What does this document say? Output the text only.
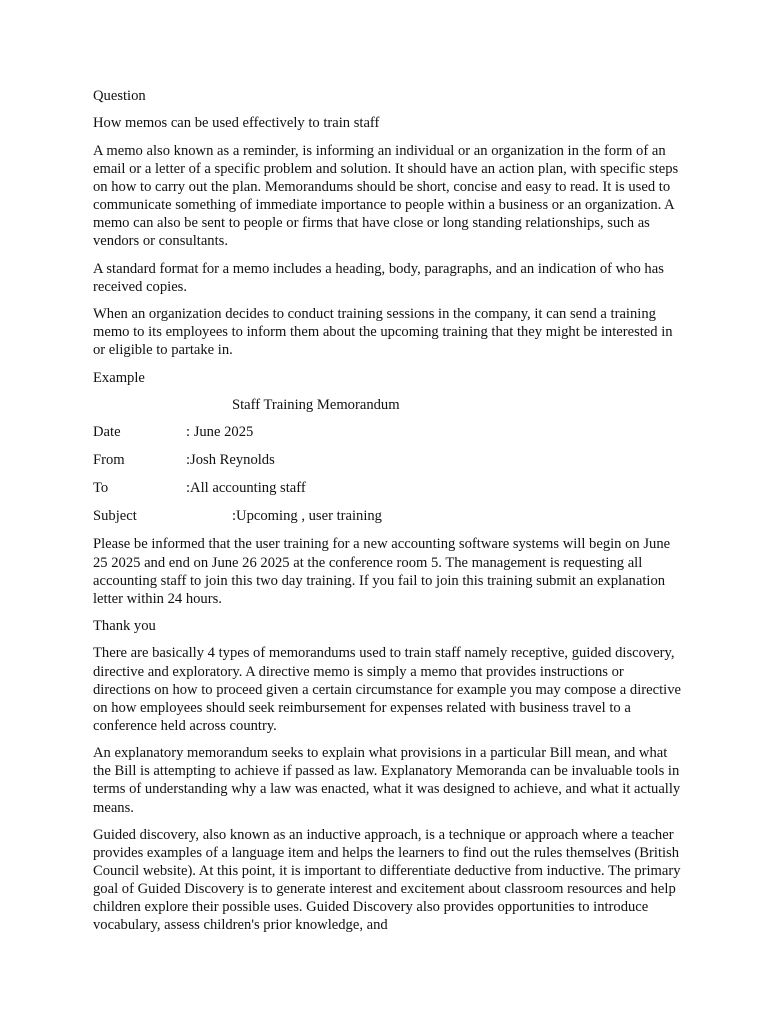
Question

How memos can be used effectively to train staff

A memo also known as a reminder, is informing an individual or an organization in the form of an email or a letter of a specific problem and solution. It should have an action plan, with specific steps on how to carry out the plan. Memorandums should be short, concise and easy to read. It is used to communicate something of immediate importance to people within a business or an organization. A memo can also be sent to people or firms that have close or long standing relationships, such as vendors or consultants.

A standard format for a memo includes a heading, body, paragraphs, and an indication of who has received copies.

When an organization decides to conduct training sessions in the company, it can send a training memo to its employees to inform them about the upcoming training that they might be interested in or eligible to partake in.

Example

Staff Training Memorandum

Date	: June 2025
From	:Josh Reynolds
To	:All accounting staff
Subject	:Upcoming , user training

Please be informed that the user training for a new accounting software systems will begin on June 25 2025 and end on June 26 2025 at the conference room 5. The management is requesting all accounting staff to join this two day training. If you fail to join this training submit an explanation letter within 24 hours.

Thank you

There are basically 4 types of memorandums used to train staff namely receptive, guided discovery, directive and exploratory. A directive memo is simply a memo that provides instructions or directions on how to proceed given a certain circumstance for example you may compose a directive on how employees should seek reimbursement for expenses related with business travel to a conference held across country.

An explanatory memorandum seeks to explain what provisions in a particular Bill mean, and what the Bill is attempting to achieve if passed as law. Explanatory Memoranda can be invaluable tools in terms of understanding why a law was enacted, what it was designed to achieve, and what it actually means.

Guided discovery, also known as an inductive approach, is a technique or approach where a teacher provides examples of a language item and helps the learners to find out the rules themselves (British Council website). At this point, it is important to differentiate deductive from inductive. The primary goal of Guided Discovery is to generate interest and excitement about classroom resources and help children explore their possible uses. Guided Discovery also provides opportunities to introduce vocabulary, assess children's prior knowledge, and
